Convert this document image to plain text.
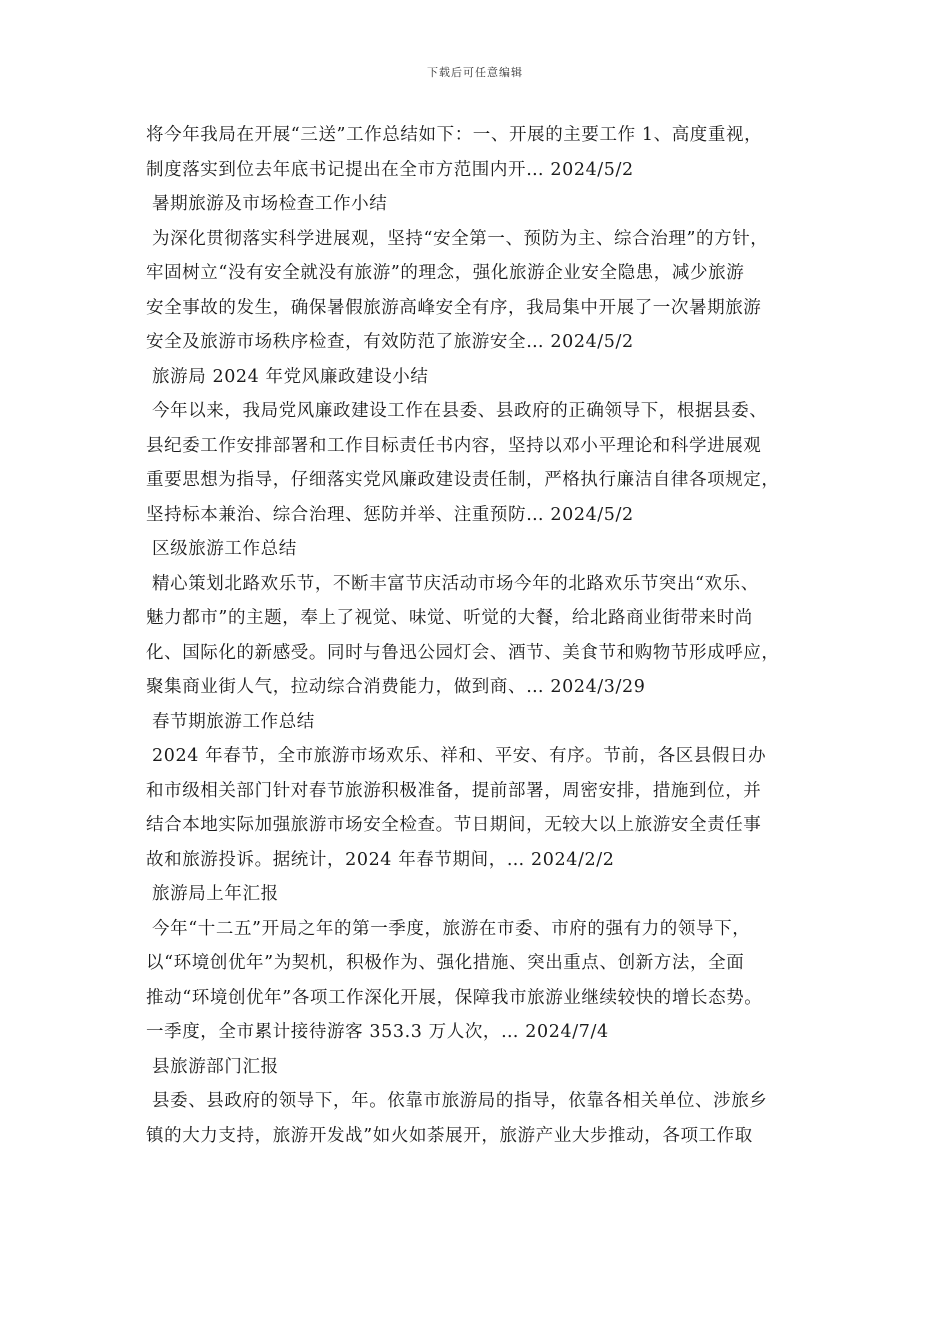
下载后可任意编辑
将今年我局在开展“三送”工作总结如下：一、开展的主要工作 1、高度重视，
制度落实到位去年底书记提出在全市方范围内开… 2024/5/2
暑期旅游及市场检查工作小结
为深化贯彻落实科学进展观，坚持“安全第一、预防为主、综合治理”的方针，
牢固树立“没有安全就没有旅游”的理念，强化旅游企业安全隐患，减少旅游
安全事故的发生，确保暑假旅游高峰安全有序，我局集中开展了一次暑期旅游
安全及旅游市场秩序检查，有效防范了旅游安全… 2024/5/2
旅游局 2024 年党风廉政建设小结
今年以来，我局党风廉政建设工作在县委、县政府的正确领导下，根据县委、
县纪委工作安排部署和工作目标责任书内容，坚持以邓小平理论和科学进展观
重要思想为指导，仔细落实党风廉政建设责任制，严格执行廉洁自律各项规定，
坚持标本兼治、综合治理、惩防并举、注重预防… 2024/5/2
区级旅游工作总结
精心策划北路欢乐节，不断丰富节庆活动市场今年的北路欢乐节突出“欢乐、
魅力都市”的主题，奉上了视觉、味觉、听觉的大餐，给北路商业街带来时尚
化、国际化的新感受。同时与鲁迅公园灯会、酒节、美食节和购物节形成呼应，
聚集商业街人气，拉动综合消费能力，做到商、… 2024/3/29
春节期旅游工作总结
2024 年春节，全市旅游市场欢乐、祥和、平安、有序。节前，各区县假日办
和市级相关部门针对春节旅游积极准备，提前部署，周密安排，措施到位，并
结合本地实际加强旅游市场安全检查。节日期间，无较大以上旅游安全责任事
故和旅游投诉。据统计，2024 年春节期间，… 2024/2/2
旅游局上年汇报
今年“十二五”开局之年的第一季度，旅游在市委、市府的强有力的领导下，
以“环境创优年”为契机，积极作为、强化措施、突出重点、创新方法，全面
推动“环境创优年”各项工作深化开展，保障我市旅游业继续较快的增长态势。
一季度，全市累计接待游客 353.3 万人次，… 2024/7/4
县旅游部门汇报
县委、县政府的领导下，年。依靠市旅游局的指导，依靠各相关单位、涉旅乡
镇的大力支持，旅游开发战”如火如荼展开，旅游产业大步推动，各项工作取
